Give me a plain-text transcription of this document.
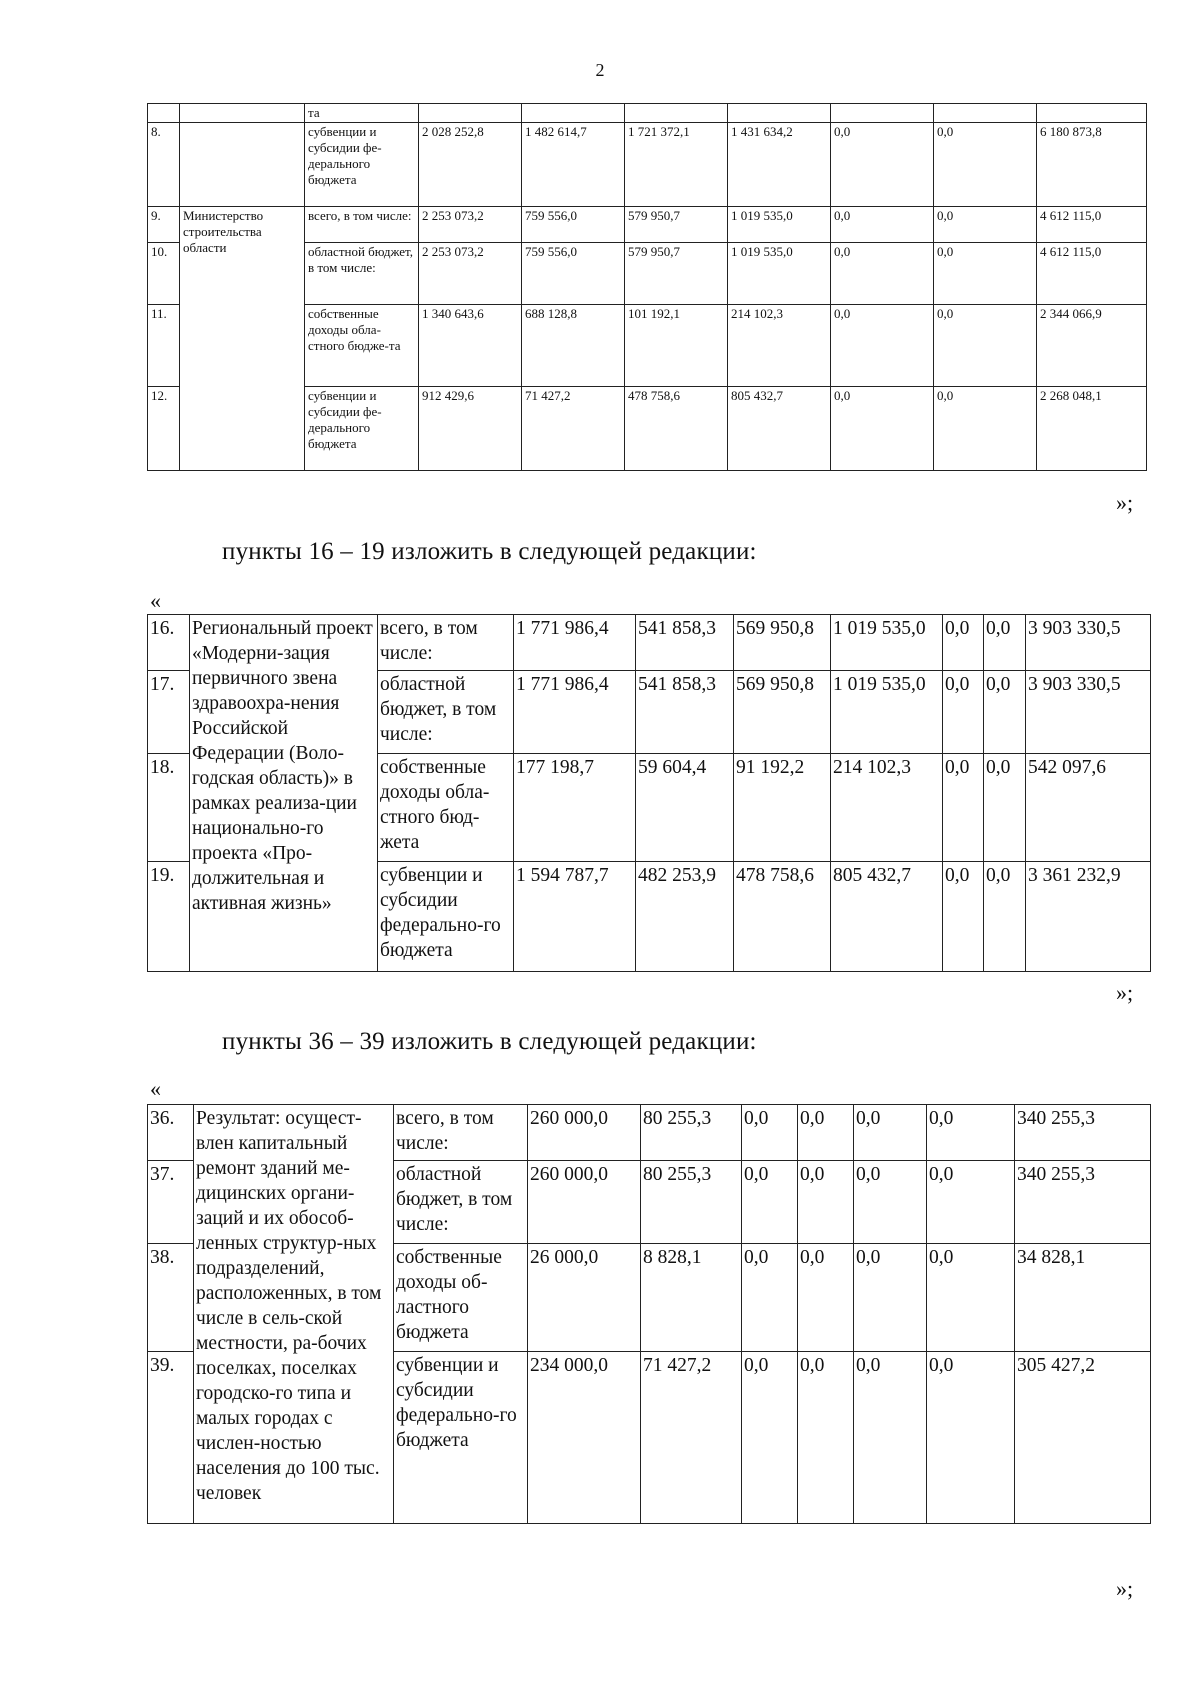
2
		та							
8.		субвенции и субсидии фе-дерального бюджета	2 028 252,8	1 482 614,7	1 721 372,1	1 431 634,2	0,0	0,0	6 180 873,8
9.	Министерство строительства области	всего, в том числе:	2 253 073,2	759 556,0	579 950,7	1 019 535,0	0,0	0,0	4 612 115,0
10.		областной бюджет, в том числе:	2 253 073,2	759 556,0	579 950,7	1 019 535,0	0,0	0,0	4 612 115,0
11.		собственные доходы обла-стного бюдже-та	1 340 643,6	688 128,8	101 192,1	214 102,3	0,0	0,0	2 344 066,9
12.		субвенции и субсидии фе-дерального бюджета	912 429,6	71 427,2	478 758,6	805 432,7	0,0	0,0	2 268 048,1
»;
пункты 16 – 19 изложить в следующей редакции:
«
16.	Региональный проект «Модерни-зация первичного звена здравоохра-нения Российской Федерации (Воло-годская область)» в рамках реализа-ции национально-го проекта «Про-должительная и активная жизнь»	всего, в том числе:	1 771 986,4	541 858,3	569 950,8	1 019 535,0	0,0	0,0	3 903 330,5
17.		областной бюджет, в том числе:	1 771 986,4	541 858,3	569 950,8	1 019 535,0	0,0	0,0	3 903 330,5
18.		собственные доходы обла-стного бюд-жета	177 198,7	59 604,4	91 192,2	214 102,3	0,0	0,0	542 097,6
19.		субвенции и субсидии федерально-го бюджета	1 594 787,7	482 253,9	478 758,6	805 432,7	0,0	0,0	3 361 232,9
»;
пункты 36 – 39 изложить в следующей редакции:
«
36.	Результат: осущест-влен капитальный ремонт зданий ме-дицинских органи-заций и их обособ-ленных структур-ных подразделений, расположенных, в том числе в сель-ской местности, ра-бочих поселках, поселках городско-го типа и малых городах с числен-ностью населения до 100 тыс. человек	всего, в том числе:	260 000,0	80 255,3	0,0	0,0	0,0	0,0	340 255,3
37.		областной бюджет, в том числе:	260 000,0	80 255,3	0,0	0,0	0,0	0,0	340 255,3
38.		собственные доходы об-ластного бюджета	26 000,0	8 828,1	0,0	0,0	0,0	0,0	34 828,1
39.		субвенции и субсидии федерально-го бюджета	234 000,0	71 427,2	0,0	0,0	0,0	0,0	305 427,2
»;
